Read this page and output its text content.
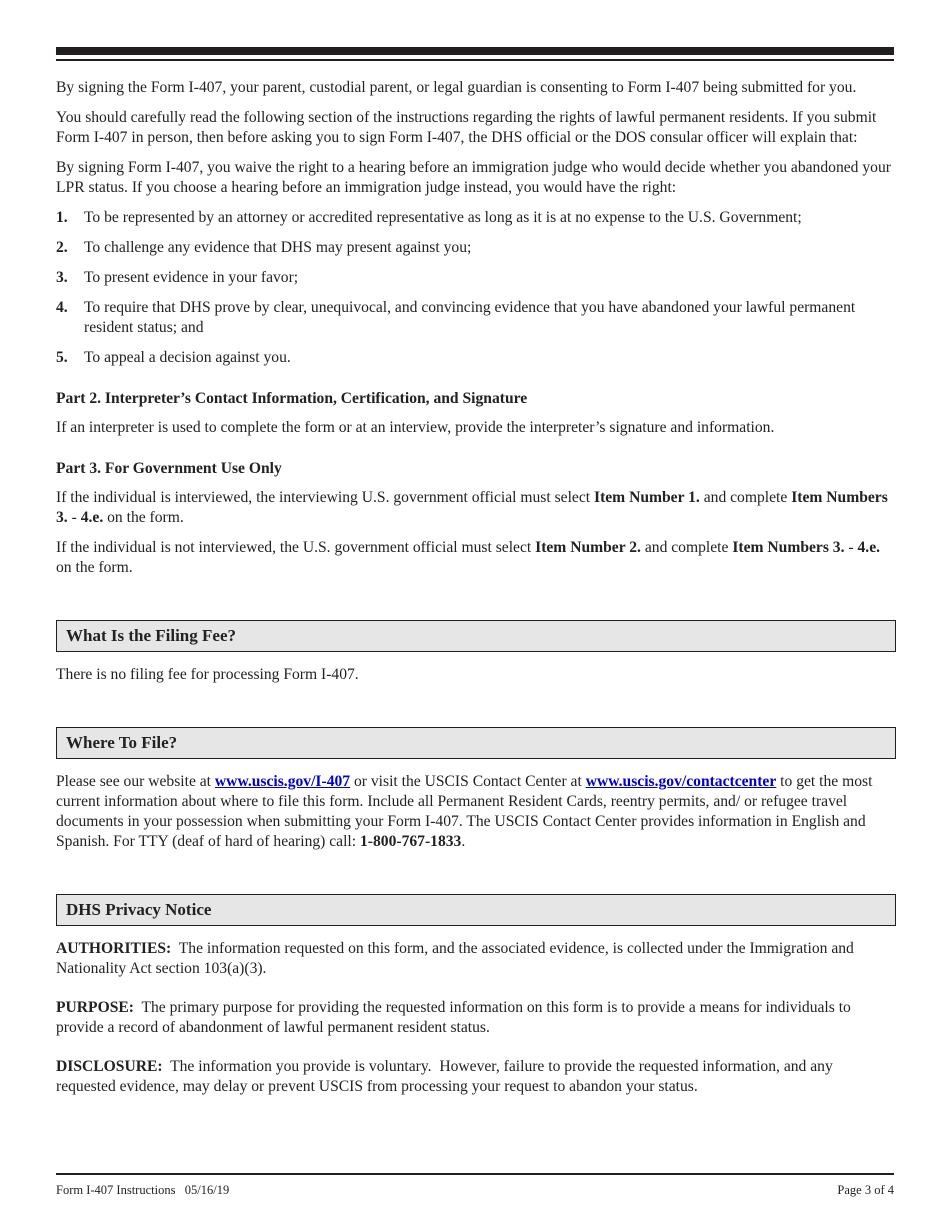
By signing the Form I-407, your parent, custodial parent, or legal guardian is consenting to Form I-407 being submitted for you.

You should carefully read the following section of the instructions regarding the rights of lawful permanent residents. If you submit Form I-407 in person, then before asking you to sign Form I-407, the DHS official or the DOS consular officer will explain that:

By signing Form I-407, you waive the right to a hearing before an immigration judge who would decide whether you abandoned your LPR status. If you choose a hearing before an immigration judge instead, you would have the right:

1.	To be represented by an attorney or accredited representative as long as it is at no expense to the U.S. Government;
2.	To challenge any evidence that DHS may present against you;
3.	To present evidence in your favor;
4.	To require that DHS prove by clear, unequivocal, and convincing evidence that you have abandoned your lawful permanent resident status; and
5.	To appeal a decision against you.

Part 2. Interpreter’s Contact Information, Certification, and Signature

If an interpreter is used to complete the form or at an interview, provide the interpreter’s signature and information.

Part 3. For Government Use Only

If the individual is interviewed, the interviewing U.S. government official must select Item Number 1. and complete Item Numbers 3. - 4.e. on the form.

If the individual is not interviewed, the U.S. government official must select Item Number 2. and complete Item Numbers 3. - 4.e. on the form.

What Is the Filing Fee?

There is no filing fee for processing Form I-407.

Where To File?

Please see our website at www.uscis.gov/I-407 or visit the USCIS Contact Center at www.uscis.gov/contactcenter to get the most current information about where to file this form. Include all Permanent Resident Cards, reentry permits, and/ or refugee travel documents in your possession when submitting your Form I-407. The USCIS Contact Center provides information in English and Spanish. For TTY (deaf of hard of hearing) call: 1-800-767-1833.

DHS Privacy Notice

AUTHORITIES:  The information requested on this form, and the associated evidence, is collected under the Immigration and Nationality Act section 103(a)(3).

PURPOSE:  The primary purpose for providing the requested information on this form is to provide a means for individuals to provide a record of abandonment of lawful permanent resident status.

DISCLOSURE:  The information you provide is voluntary.  However, failure to provide the requested information, and any requested evidence, may delay or prevent USCIS from processing your request to abandon your status.

Form I-407 Instructions   05/16/19	Page 3 of 4
